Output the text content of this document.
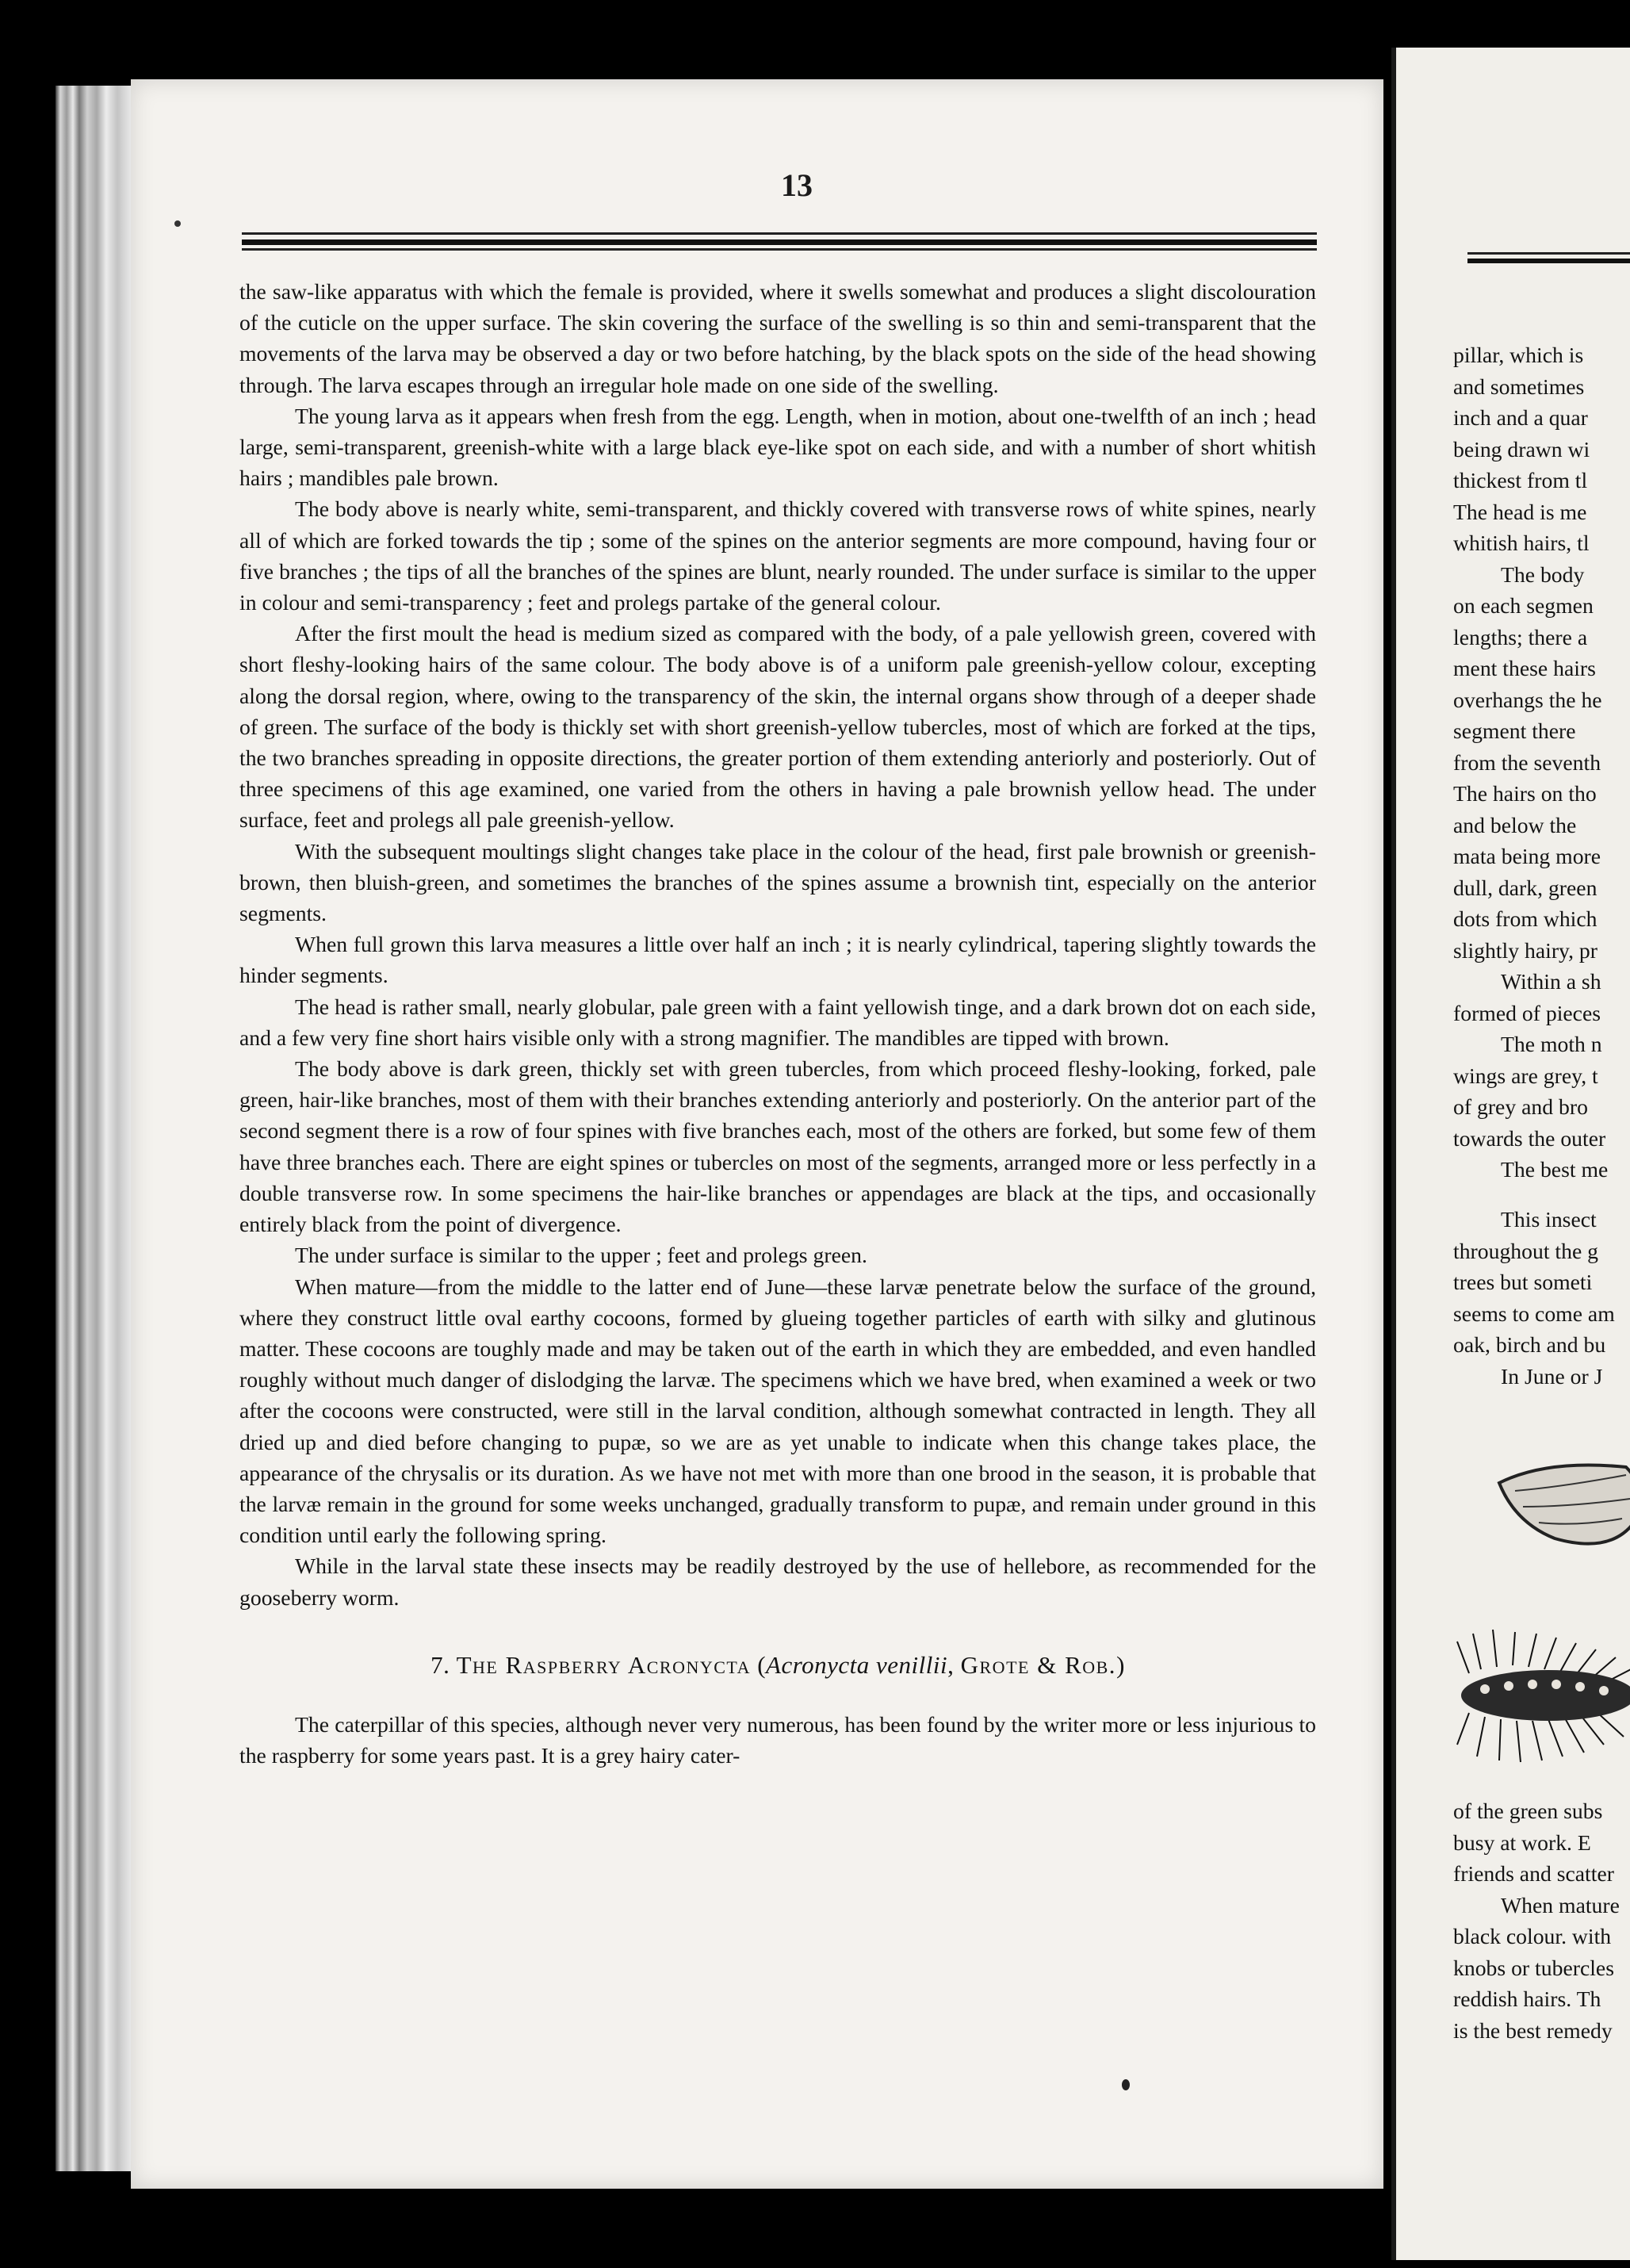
13

the saw-like apparatus with which the female is provided, where it swells somewhat and produces a slight discolouration of the cuticle on the upper surface. The skin covering the surface of the swelling is so thin and semi-transparent that the movements of the larva may be observed a day or two before hatching, by the black spots on the side of the head showing through. The larva escapes through an irregular hole made on one side of the swelling.

The young larva as it appears when fresh from the egg. Length, when in motion, about one-twelfth of an inch ; head large, semi-transparent, greenish-white with a large black eye-like spot on each side, and with a number of short whitish hairs ; mandibles pale brown.

The body above is nearly white, semi-transparent, and thickly covered with transverse rows of white spines, nearly all of which are forked towards the tip ; some of the spines on the anterior segments are more compound, having four or five branches ; the tips of all the branches of the spines are blunt, nearly rounded. The under surface is similar to the upper in colour and semi-transparency ; feet and prolegs partake of the general colour.

After the first moult the head is medium sized as compared with the body, of a pale yellowish green, covered with short fleshy-looking hairs of the same colour. The body above is of a uniform pale greenish-yellow colour, excepting along the dorsal region, where, owing to the transparency of the skin, the internal organs show through of a deeper shade of green. The surface of the body is thickly set with short greenish-yellow tubercles, most of which are forked at the tips, the two branches spreading in opposite directions, the greater portion of them extending anteriorly and posteriorly. Out of three specimens of this age examined, one varied from the others in having a pale brownish yellow head. The under surface, feet and prolegs all pale greenish-yellow.

With the subsequent moultings slight changes take place in the colour of the head, first pale brownish or greenish-brown, then bluish-green, and sometimes the branches of the spines assume a brownish tint, especially on the anterior segments.

When full grown this larva measures a little over half an inch ; it is nearly cylindrical, tapering slightly towards the hinder segments.

The head is rather small, nearly globular, pale green with a faint yellowish tinge, and a dark brown dot on each side, and a few very fine short hairs visible only with a strong magnifier. The mandibles are tipped with brown.

The body above is dark green, thickly set with green tubercles, from which proceed fleshy-looking, forked, pale green, hair-like branches, most of them with their branches extending anteriorly and posteriorly. On the anterior part of the second segment there is a row of four spines with five branches each, most of the others are forked, but some few of them have three branches each. There are eight spines or tubercles on most of the segments, arranged more or less perfectly in a double transverse row. In some specimens the hair-like branches or appendages are black at the tips, and occasionally entirely black from the point of divergence.

The under surface is similar to the upper ; feet and prolegs green.

When mature—from the middle to the latter end of June—these larvæ penetrate below the surface of the ground, where they construct little oval earthy cocoons, formed by glueing together particles of earth with silky and glutinous matter. These cocoons are toughly made and may be taken out of the earth in which they are embedded, and even handled roughly without much danger of dislodging the larvæ. The specimens which we have bred, when examined a week or two after the cocoons were constructed, were still in the larval condition, although somewhat contracted in length. They all dried up and died before changing to pupæ, so we are as yet unable to indicate when this change takes place, the appearance of the chrysalis or its duration. As we have not met with more than one brood in the season, it is probable that the larvæ remain in the ground for some weeks unchanged, gradually transform to pupæ, and remain under ground in this condition until early the following spring.

While in the larval state these insects may be readily destroyed by the use of hellebore, as recommended for the gooseberry worm.

7. The Raspberry Acronycta (Acronycta venillii, Grote & Rob.)

The caterpillar of this species, although never very numerous, has been found by the writer more or less injurious to the raspberry for some years past. It is a grey hairy cater-

pillar, which is
and sometimes
inch and a quar
being drawn wi
thickest from tl
The head is me
whitish hairs, tl
The body
on each segmen
lengths; there a
ment these hairs
overhangs the he
segment there
from the seventh
The hairs on tho
and below the
mata being more
dull, dark, green
dots from which
slightly hairy, pr
Within a sh
formed of pieces
The moth n
wings are grey, t
of grey and bro
towards the outer
The best me
This insect
throughout the g
trees but someti
seems to come am
oak, birch and bu
In June or J
of the green subs
busy at work. E
friends and scatter
When mature
black colour. with
knobs or tubercles
reddish hairs. Th
is the best remedy
